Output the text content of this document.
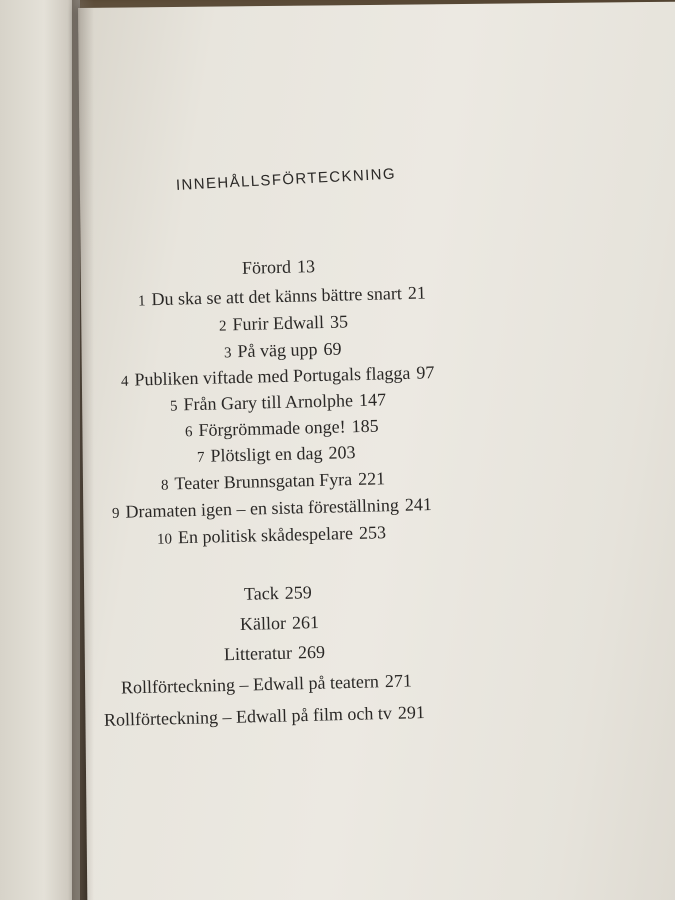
INNEHÅLLSFÖRTECKNING
Förord 13
1 Du ska se att det känns bättre snart 21
2 Furir Edwall 35
3 På väg upp 69
4 Publiken viftade med Portugals flagga 97
5 Från Gary till Arnolphe 147
6 Förgrömmade onge! 185
7 Plötsligt en dag 203
8 Teater Brunnsgatan Fyra 221
9 Dramaten igen – en sista föreställning 241
10 En politisk skådespelare 253
Tack 259
Källor 261
Litteratur 269
Rollförteckning – Edwall på teatern 271
Rollförteckning – Edwall på film och tv 291
